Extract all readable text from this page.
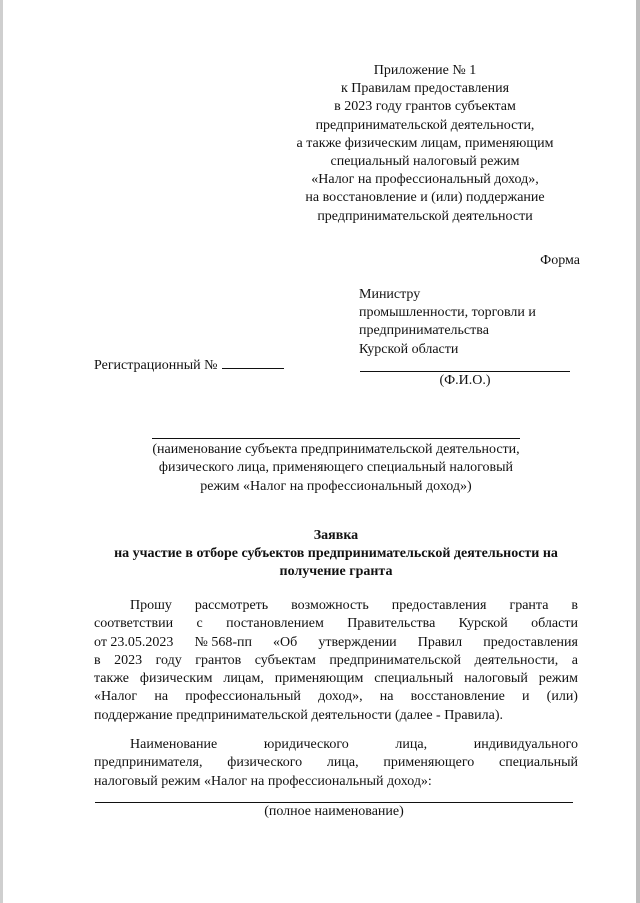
Приложение № 1
к Правилам предоставления
в 2023 году грантов субъектам
предпринимательской деятельности,
а также физическим лицам, применяющим
специальный налоговый режим
«Налог на профессиональный доход»,
на восстановление и (или) поддержание
предпринимательской деятельности
Форма
Министру
промышленности, торговли и
предпринимательства
Курской области
Регистрационный №
(Ф.И.О.)
(наименование субъекта предпринимательской деятельности,
физического лица, применяющего специальный налоговый
режим «Налог на профессиональный доход»)
Заявка
на участие в отборе субъектов предпринимательской деятельности на
получение гранта
Прошу рассмотреть возможность предоставления гранта в
соответствии с постановлением Правительства Курской области
от 23.05.2023 № 568-пп «Об утверждении Правил предоставления
в 2023 году грантов субъектам предпринимательской деятельности, а
также физическим лицам, применяющим специальный налоговый режим
«Налог на профессиональный доход», на восстановление и (или)
поддержание предпринимательской деятельности (далее - Правила).
Наименование	юридического	лица,	индивидуального
предпринимателя, физического лица, применяющего специальный
налоговый режим «Налог на профессиональный доход»:
(полное наименование)
